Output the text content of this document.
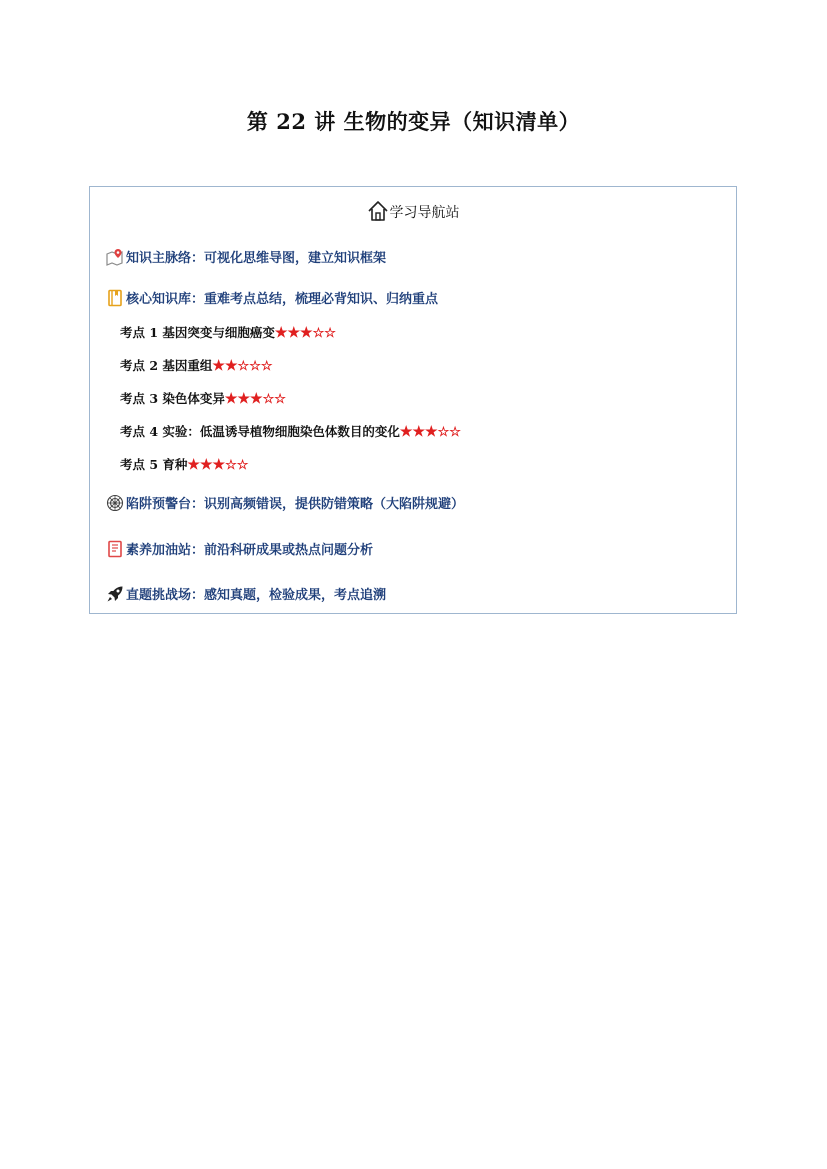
第 22 讲 生物的变异（知识清单）
学习导航站
知识主脉络：可视化思维导图，建立知识框架
核心知识库：重难考点总结，梳理必背知识、归纳重点
考点 1 基因突变与细胞癌变★★★☆☆
考点 2 基因重组★★☆☆☆
考点 3 染色体变异★★★☆☆
考点 4 实验：低温诱导植物细胞染色体数目的变化★★★☆☆
考点 5 育种★★★☆☆
陷阱预警台：识别高频错误，提供防错策略（大陷阱规避）
素养加油站：前沿科研成果或热点问题分析
直题挑战场：感知真题，检验成果，考点追溯
